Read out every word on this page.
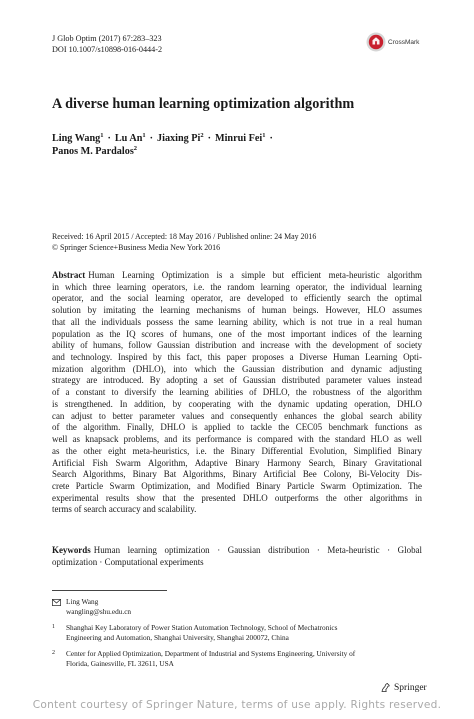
J Glob Optim (2017) 67:283–323
DOI 10.1007/s10898-016-0444-2
CrossMark
A diverse human learning optimization algorithm
Ling Wang$^1$ · Lu $An^1$ · Jiaxing $Pi^2$ · Minrui Fei$^1$ ·
Panos M. Pardalos$^2$
Received: 16 April 2015 / Accepted: 18 May 2016 / Published online: 24 May 2016
© Springer Science+Business Media New York 2016
Abstract Human Learning Optimization is a simple but efficient meta-heuristic algorithm
in which three learning operators, i.e. the random learning operator, the individual learning
operator, and the social learning operator, are developed to efficiently search the optimal
solution by imitating the learning mechanisms of human beings. However, HLO assumes
that all the individuals possess the same learning ability, which is not true in a real human
population as the IQ scores of humans, one of the most important indices of the learning
ability of humans, follow Gaussian distribution and increase with the development of society
and technology. Inspired by this fact, this paper proposes a Diverse Human Learning Opti-
mization algorithm (DHLO), into which the Gaussian distribution and dynamic adjusting
strategy are introduced. By adopting a set of Gaussian distributed parameter values instead
of a constant to diversify the learning abilities of DHLO, the robustness of the algorithm
is strengthened. In addition, by cooperating with the dynamic updating operation, DHLO
can adjust to better parameter values and consequently enhances the global search ability
of the algorithm. Finally, DHLO is applied to tackle the CEC05 benchmark functions as
well as knapsack problems, and its performance is compared with the standard HLO as well
as the other eight meta-heuristics, i.e. the Binary Differential Evolution, Simplified Binary
Artificial Fish Swarm Algorithm, Adaptive Binary Harmony Search, Binary Gravitational
Search Algorithms, Binary Bat Algorithms, Binary Artificial Bee Colony, Bi-Velocity Dis-
crete Particle Swarm Optimization, and Modified Binary Particle Swarm Optimization. The
experimental results show that the presented DHLO outperforms the other algorithms in
terms of search accuracy and scalability.
Keywords Human learning optimization · Gaussian distribution · Meta-heuristic · Global
optimization · Computational experiments
Ling Wang
wangling@shu.edu.cn
1	Shanghai Key Laboratory of Power Station Automation Technology, School of Mechatronics
Engineering and Automation, Shanghai University, Shanghai 200072, China
2	Center for Applied Optimization, Department of Industrial and Systems Engineering, University of
Florida, Gainesville, FL 32611, USA
Springer
Content courtesy of Springer Nature, terms of use apply. Rights reserved.
